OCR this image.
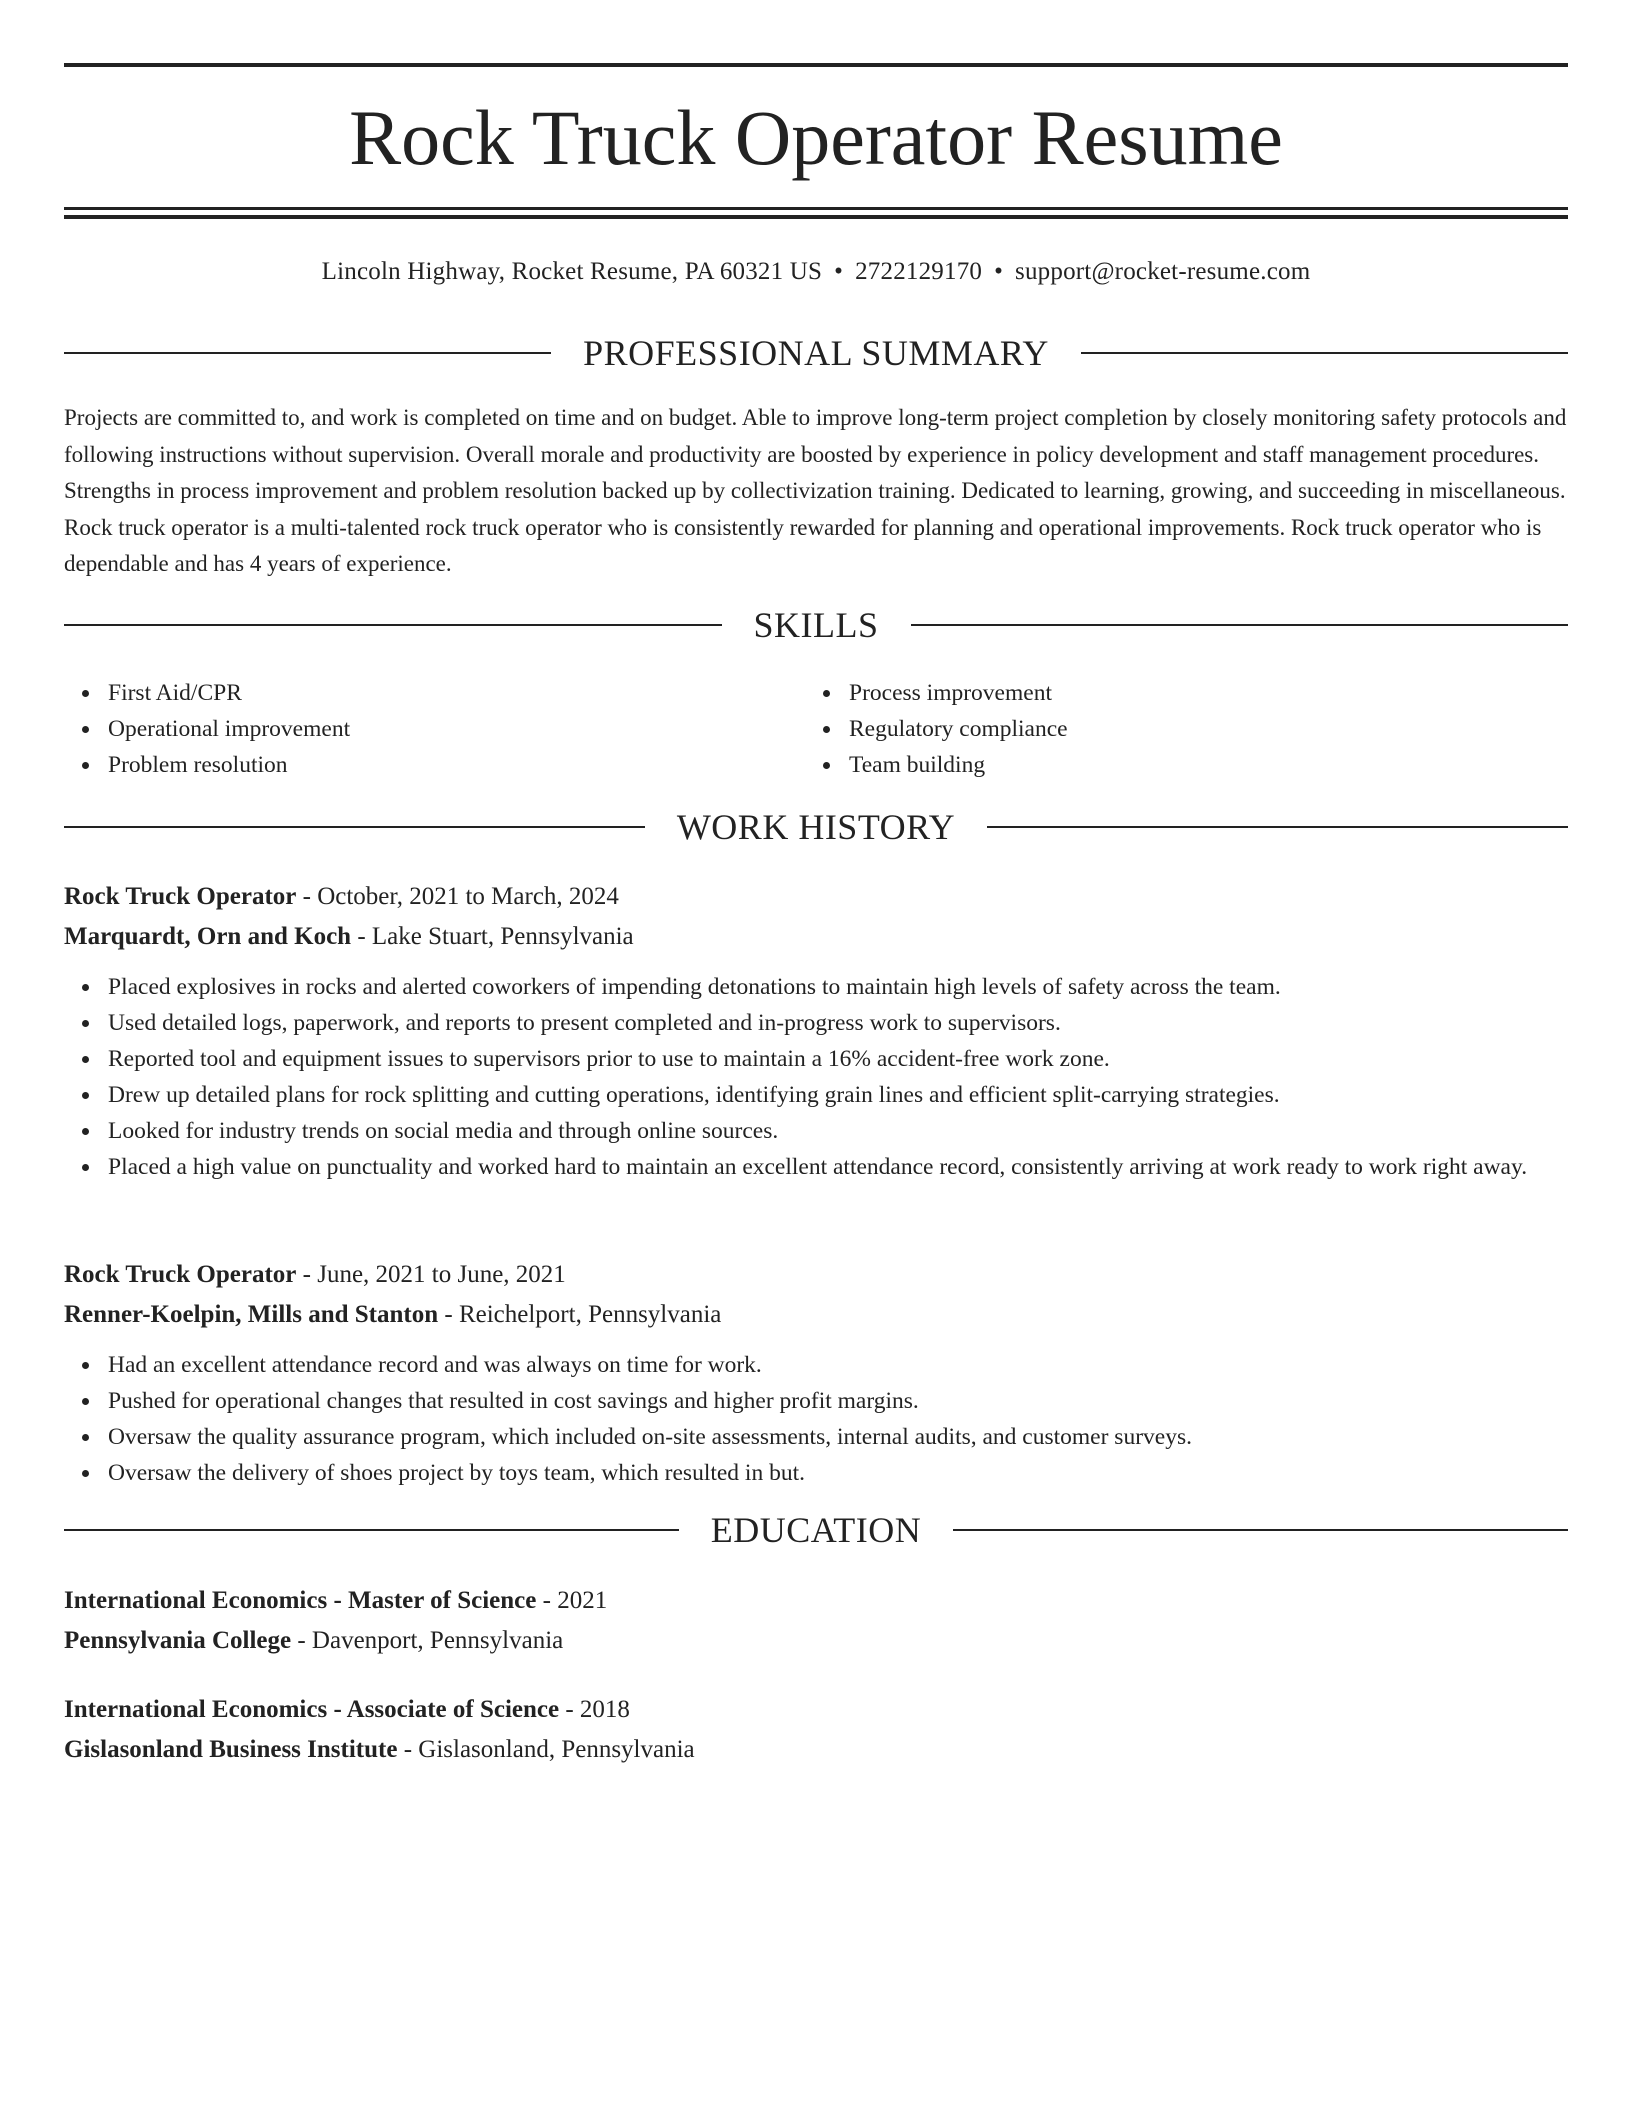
Rock Truck Operator Resume
Lincoln Highway, Rocket Resume, PA 60321 US • 2722129170 • support@rocket-resume.com
PROFESSIONAL SUMMARY

Projects are committed to, and work is completed on time and on budget. Able to improve long-term project completion by closely monitoring safety protocols and following instructions without supervision. Overall morale and productivity are boosted by experience in policy development and staff management procedures. Strengths in process improvement and problem resolution backed up by collectivization training. Dedicated to learning, growing, and succeeding in miscellaneous. Rock truck operator is a multi-talented rock truck operator who is consistently rewarded for planning and operational improvements. Rock truck operator who is dependable and has 4 years of experience.

SKILLS
First Aid/CPR
Operational improvement
Problem resolution
Process improvement
Regulatory compliance
Team building
WORK HISTORY
Rock Truck Operator - October, 2021 to March, 2024
Marquardt, Orn and Koch - Lake Stuart, Pennsylvania
Placed explosives in rocks and alerted coworkers of impending detonations to maintain high levels of safety across the team.
Used detailed logs, paperwork, and reports to present completed and in-progress work to supervisors.
Reported tool and equipment issues to supervisors prior to use to maintain a 16% accident-free work zone.
Drew up detailed plans for rock splitting and cutting operations, identifying grain lines and efficient split-carrying strategies.
Looked for industry trends on social media and through online sources.
Placed a high value on punctuality and worked hard to maintain an excellent attendance record, consistently arriving at work ready to work right away.
Rock Truck Operator - June, 2021 to June, 2021
Renner-Koelpin, Mills and Stanton - Reichelport, Pennsylvania
Had an excellent attendance record and was always on time for work.
Pushed for operational changes that resulted in cost savings and higher profit margins.
Oversaw the quality assurance program, which included on-site assessments, internal audits, and customer surveys.
Oversaw the delivery of shoes project by toys team, which resulted in but.
EDUCATION
International Economics - Master of Science - 2021
Pennsylvania College - Davenport, Pennsylvania
International Economics - Associate of Science - 2018
Gislasonland Business Institute - Gislasonland, Pennsylvania
